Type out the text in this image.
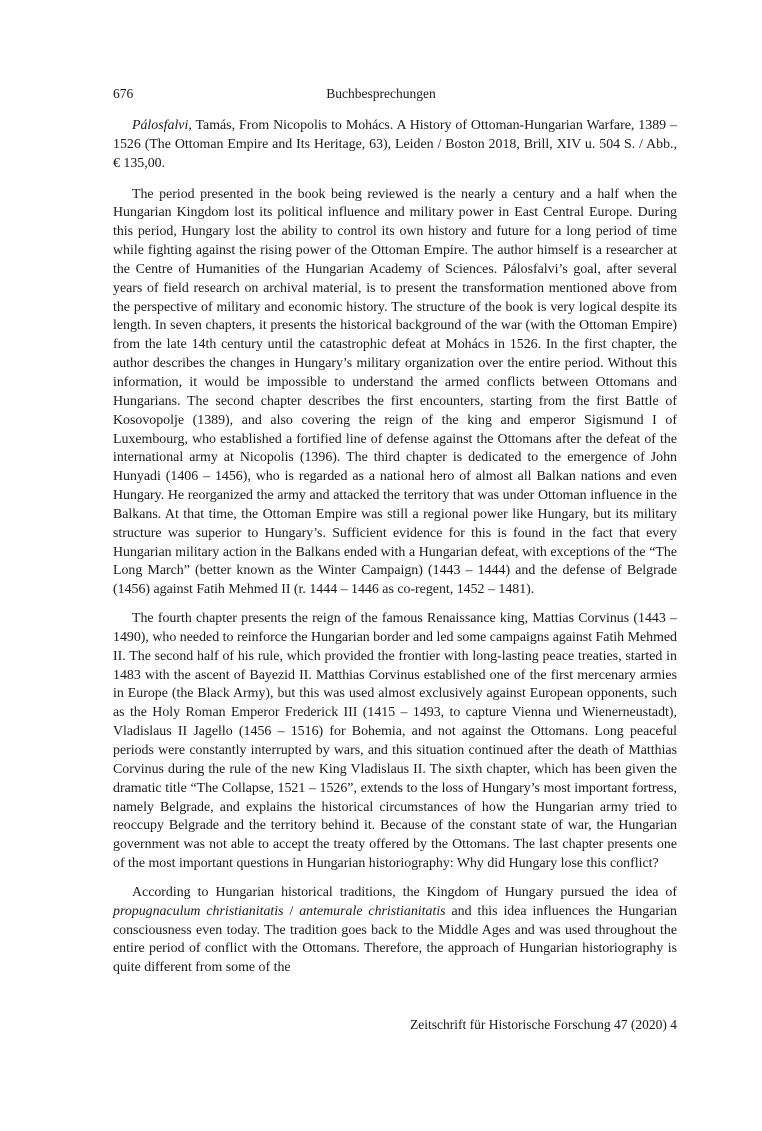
676	Buchbesprechungen

Pálosfalvi, Tamás, From Nicopolis to Mohács. A History of Ottoman-Hungarian Warfare, 1389 – 1526 (The Ottoman Empire and Its Heritage, 63), Leiden / Boston 2018, Brill, XIV u. 504 S. / Abb., € 135,00.

The period presented in the book being reviewed is the nearly a century and a half when the Hungarian Kingdom lost its political influence and military power in East Central Europe. During this period, Hungary lost the ability to control its own history and future for a long period of time while fighting against the rising power of the Ottoman Empire. The author himself is a researcher at the Centre of Humanities of the Hungarian Academy of Sciences. Pálosfalvi’s goal, after several years of field research on archival material, is to present the transformation mentioned above from the perspective of military and economic history. The structure of the book is very logical despite its length. In seven chapters, it presents the historical background of the war (with the Ottoman Empire) from the late 14th century until the catastrophic defeat at Mohács in 1526. In the first chapter, the author describes the changes in Hungary’s military organization over the entire period. Without this information, it would be impossible to understand the armed conflicts between Ottomans and Hungarians. The second chapter describes the first encounters, starting from the first Battle of Kosovopolje (1389), and also covering the reign of the king and emperor Sigismund I of Luxembourg, who established a fortified line of defense against the Ottomans after the defeat of the international army at Nicopolis (1396). The third chapter is dedicated to the emergence of John Hunyadi (1406 – 1456), who is regarded as a national hero of almost all Balkan nations and even Hungary. He reorganized the army and attacked the territory that was under Ottoman influence in the Balkans. At that time, the Ottoman Empire was still a regional power like Hungary, but its military structure was superior to Hungary’s. Sufficient evidence for this is found in the fact that every Hungarian military action in the Balkans ended with a Hungarian defeat, with exceptions of the “The Long March” (better known as the Winter Campaign) (1443 – 1444) and the defense of Belgrade (1456) against Fatih Mehmed II (r. 1444 – 1446 as co-regent, 1452 – 1481).

The fourth chapter presents the reign of the famous Renaissance king, Mattias Corvinus (1443 – 1490), who needed to reinforce the Hungarian border and led some campaigns against Fatih Mehmed II. The second half of his rule, which provided the frontier with long-lasting peace treaties, started in 1483 with the ascent of Bayezid II. Matthias Corvinus established one of the first mercenary armies in Europe (the Black Army), but this was used almost exclusively against European opponents, such as the Holy Roman Emperor Frederick III (1415 – 1493, to capture Vienna und Wienerneustadt), Vladislaus II Jagello (1456 – 1516) for Bohemia, and not against the Ottomans. Long peaceful periods were constantly interrupted by wars, and this situation continued after the death of Matthias Corvinus during the rule of the new King Vladislaus II. The sixth chapter, which has been given the dramatic title “The Collapse, 1521 – 1526”, extends to the loss of Hungary’s most important fortress, namely Belgrade, and explains the historical circumstances of how the Hungarian army tried to reoccupy Belgrade and the territory behind it. Because of the constant state of war, the Hungarian government was not able to accept the treaty offered by the Ottomans. The last chapter presents one of the most important questions in Hungarian historiography: Why did Hungary lose this conflict?

According to Hungarian historical traditions, the Kingdom of Hungary pursued the idea of propugnaculum christianitatis / antemurale christianitatis and this idea influences the Hungarian consciousness even today. The tradition goes back to the Middle Ages and was used throughout the entire period of conflict with the Ottomans. Therefore, the approach of Hungarian historiography is quite different from some of the

Zeitschrift für Historische Forschung 47 (2020) 4
